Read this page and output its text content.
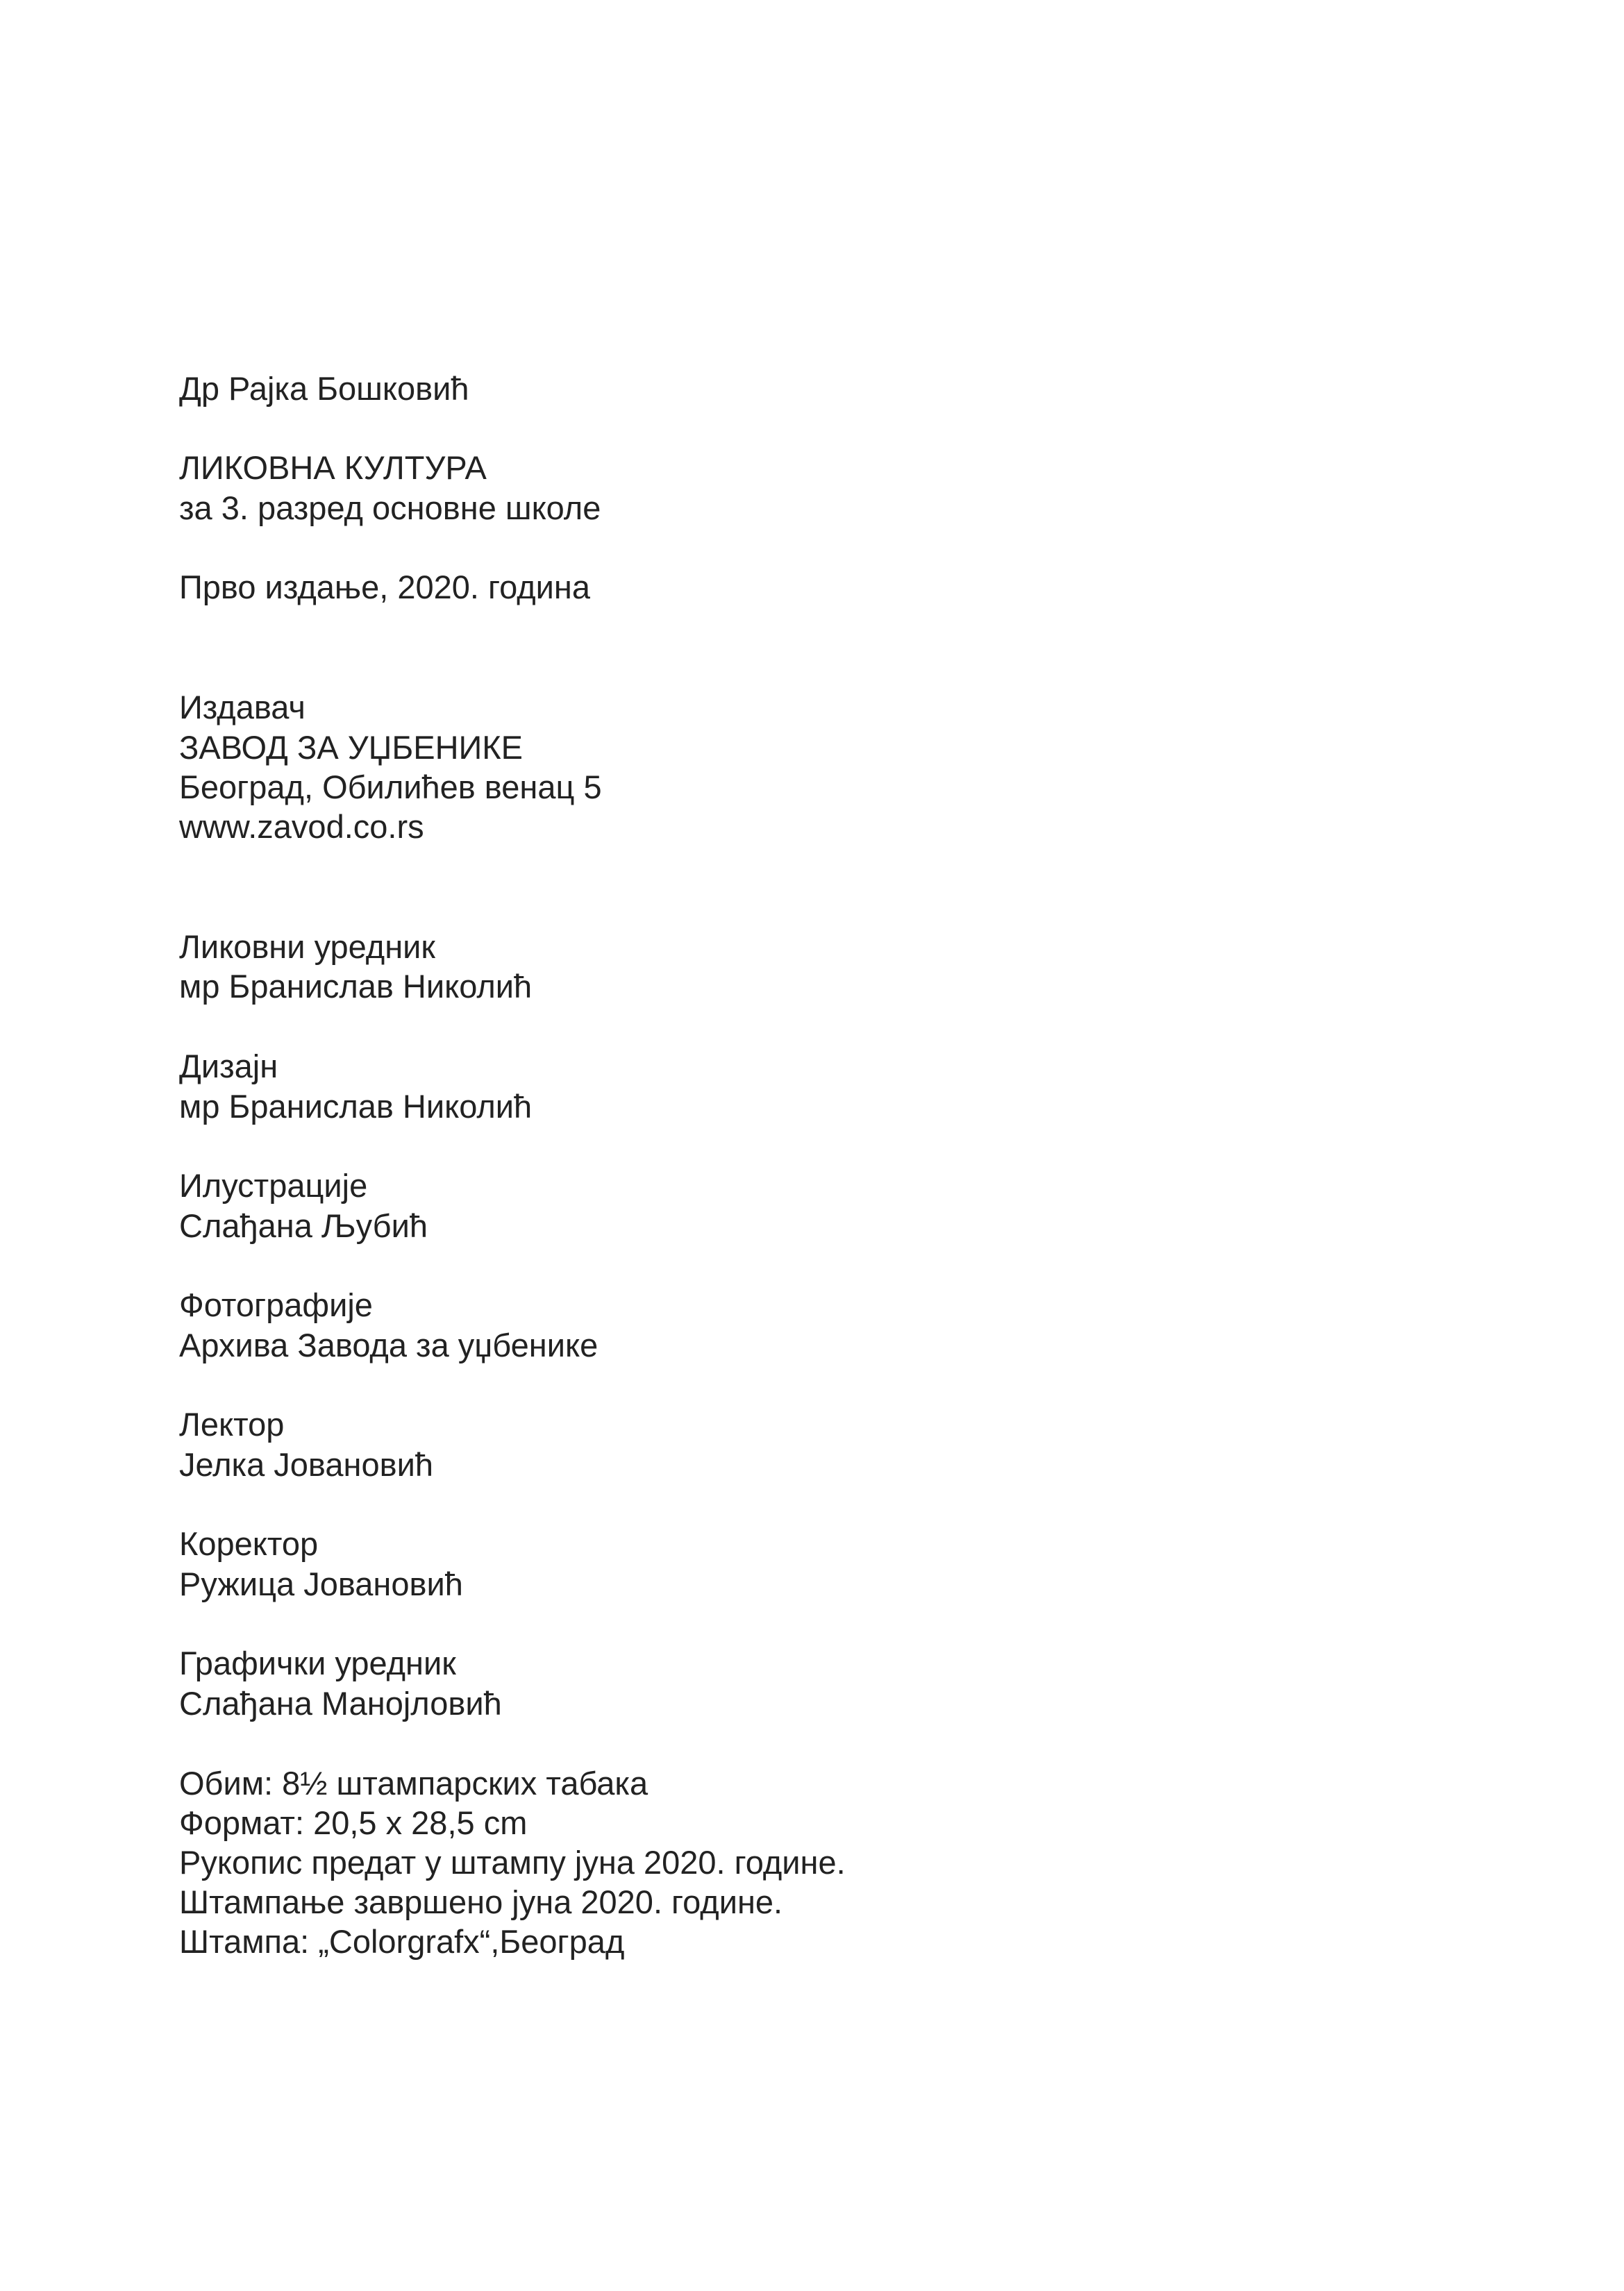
Др Рајка Бошковић
ЛИКОВНА КУЛТУРА
за 3. разред основне школе
Прво издање, 2020. година
Издавач
ЗАВОД ЗА УЏБЕНИКЕ
Београд, Обилићев венац 5
www.zavod.co.rs
Ликовни уредник
мр Бранислав Николић
Дизајн
мр Бранислав Николић
Илустрације
Слађана Љубић
Фотографије
Архива Завода за уџбенике
Лектор
Јелка Јовановић
Коректор
Ружица Јовановић
Графички уредник
Слађана Манојловић
Обим: 8½ штампарских табака
Формат: 20,5 x 28,5 cm
Рукопис предат у штампу јуна 2020. године.
Штампање завршено јуна 2020. године.
Штампа: „Colorgrafx“,Београд
